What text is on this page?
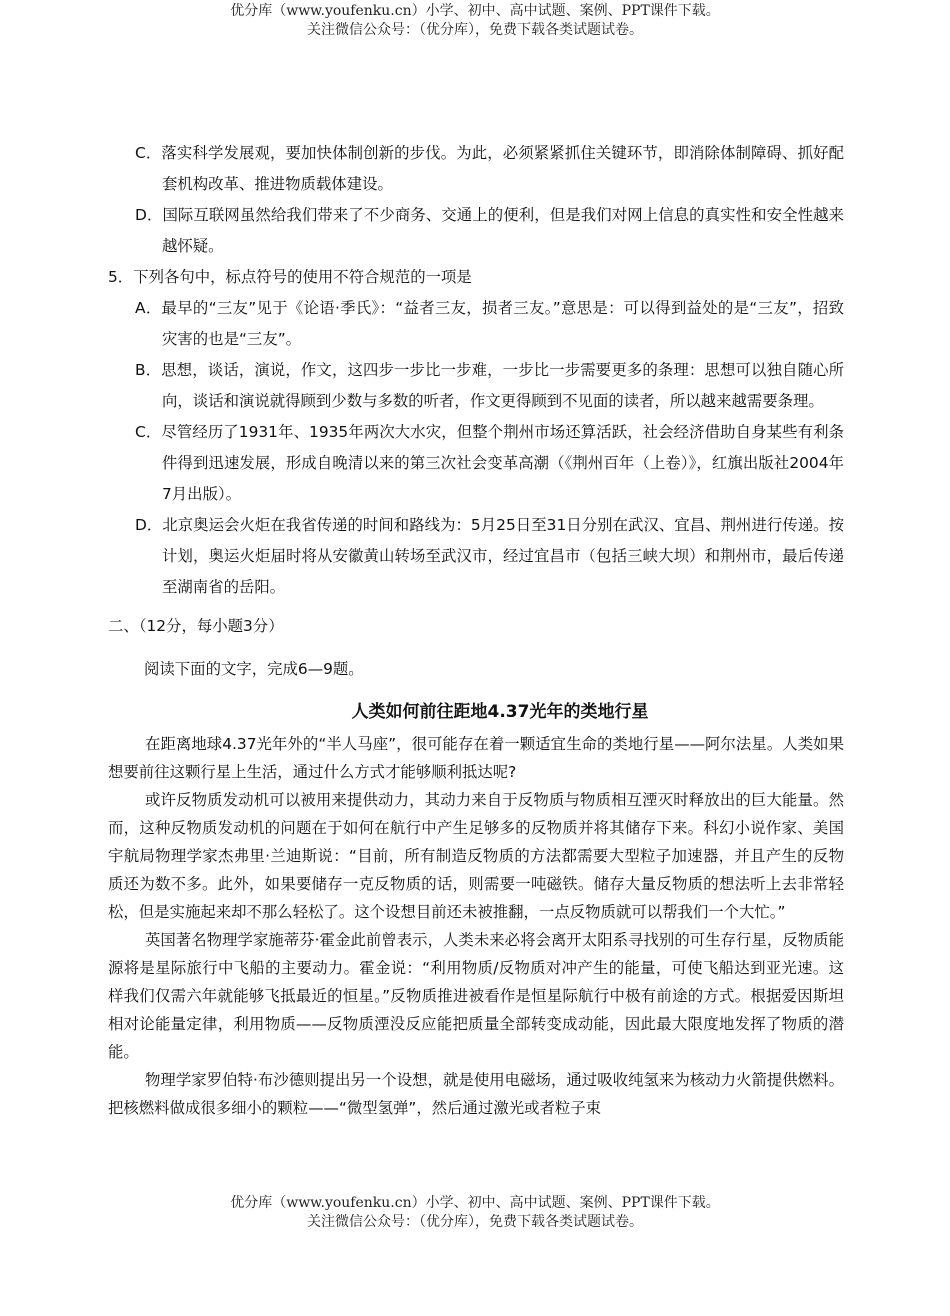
优分库（www.youfenku.cn）小学、初中、高中试题、案例、PPT课件下载。
关注微信公众号：（优分库），免费下载各类试题试卷。
C．落实科学发展观，要加快体制创新的步伐。为此，必须紧紧抓住关键环节，即消除体制障碍、抓好配套机构改革、推进物质载体建设。
D．国际互联网虽然给我们带来了不少商务、交通上的便利，但是我们对网上信息的真实性和安全性越来越怀疑。
5．下列各句中，标点符号的使用不符合规范的一项是
A．最早的“三友”见于《论语·季氏》：“益者三友，损者三友。”意思是：可以得到益处的是“三友”，招致灾害的也是“三友”。
B．思想，谈话，演说，作文，这四步一步比一步难，一步比一步需要更多的条理：思想可以独自随心所向，谈话和演说就得顾到少数与多数的听者，作文更得顾到不见面的读者，所以越来越需要条理。
C．尽管经历了1931年、1935年两次大水灾，但整个荆州市场还算活跃，社会经济借助自身某些有利条件得到迅速发展，形成自晚清以来的第三次社会变革高潮（《荆州百年（上卷）》，红旗出版社2004年7月出版）。
D．北京奥运会火炬在我省传递的时间和路线为：5月25日至31日分别在武汉、宜昌、荆州进行传递。按计划，奥运火炬届时将从安徽黄山转场至武汉市，经过宜昌市（包括三峡大坝）和荆州市，最后传递至湖南省的岳阳。
二、（12分，每小题3分）
阅读下面的文字，完成6—9题。
人类如何前往距地4.37光年的类地行星
在距离地球4.37光年外的“半人马座”，很可能存在着一颗适宜生命的类地行星——阿尔法星。人类如果想要前往这颗行星上生活，通过什么方式才能够顺利抵达呢?
或许反物质发动机可以被用来提供动力，其动力来自于反物质与物质相互湮灭时释放出的巨大能量。然而，这种反物质发动机的问题在于如何在航行中产生足够多的反物质并将其储存下来。科幻小说作家、美国宇航局物理学家杰弗里·兰迪斯说：“目前，所有制造反物质的方法都需要大型粒子加速器，并且产生的反物质还为数不多。此外，如果要储存一克反物质的话，则需要一吨磁铁。储存大量反物质的想法听上去非常轻松，但是实施起来却不那么轻松了。这个设想目前还未被推翻，一点反物质就可以帮我们一个大忙。”
英国著名物理学家施蒂芬·霍金此前曾表示，人类未来必将会离开太阳系寻找别的可生存行星，反物质能源将是星际旅行中飞船的主要动力。霍金说：“利用物质/反物质对冲产生的能量，可使飞船达到亚光速。这样我们仅需六年就能够飞抵最近的恒星。”反物质推进被看作是恒星际航行中极有前途的方式。根据爱因斯坦相对论能量定律，利用物质——反物质湮没反应能把质量全部转变成动能，因此最大限度地发挥了物质的潜能。
物理学家罗伯特·布沙德则提出另一个设想，就是使用电磁场，通过吸收纯氢来为核动力火箭提供燃料。把核燃料做成很多细小的颗粒——“微型氢弹”，然后通过激光或者粒子束
优分库（www.youfenku.cn）小学、初中、高中试题、案例、PPT课件下载。
关注微信公众号：（优分库），免费下载各类试题试卷。
